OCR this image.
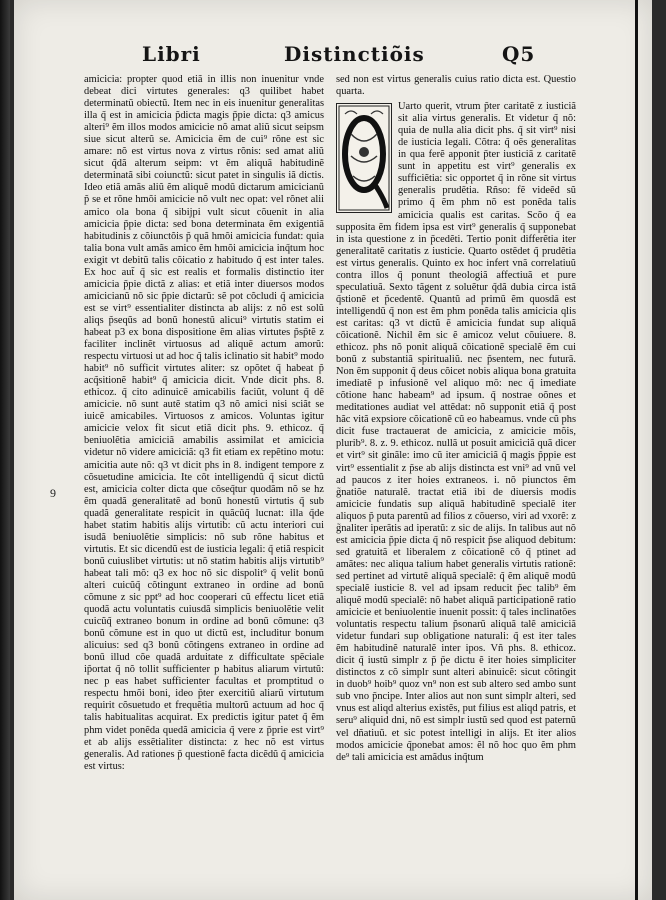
Libri	Distinctiõis	Q5
9

amicicia: propter quod etiã in illis non inuenitur vnde debeat dici virtutes generales: q3 quilibet habet determinatũ obiectũ. Item nec in eis inuenitur generalitas illa q̃ est in amicicia p̃dicta magis p̃pie dicta: q3 amicus alteri⁹ ẽm illos modos amicicie nõ amat aliũ sicut seipsm siue sicut alterũ se. Amicicia ẽm de cui⁹ rõne est sic amare: nõ est virtus nova z virtus rõnis: sed amat aliũ sicut q̃dã alterum seipm: vt ẽm aliquã habitudinẽ determinatã sibi coiunctũ: sicut patet in singulis iã dictis. Ideo etiã amãs aliũ ẽm aliquẽ modũ dictarum amicicianũ p̃ se et rõne hmõi amicicie nõ vult nec opat: vel rõnet alii amico ola bona q̃ sibijpi vult sicut cõuenit in alia amicicia p̃pie dicta: sed bona determinata ẽm exigentiã habitudinis z cõiunctõis p̃ quã hmõi amicicia fundat: quia talia bona vult amãs amico ẽm hmõi amicicia inq̃tum hoc exigit vt debitũ talis cõicatio z habitudo q̃ est inter tales. Ex hoc aut̃ q̃ sic est realis et formalis distinctio iter amicicia p̃pie dictã z alias: et etiã inter diuersos modos amicicianũ nõ sic p̃pie dictarũ: sẽ pot cõcludi q̃ amicicia est se virt⁹ essentialiter distincta ab alijs: z nõ est solũ aliqs p̃seqũs ad bonũ honestũ alicui⁹ virtutis statim ei habeat p3 ex bona dispositione ẽm alias virtutes p̃sp̃tẽ z faciliter inclinẽt virtuosus ad aliquẽ actum amorũ: respectu virtuosi ut ad hoc q̃ talis iclinatio sit habit⁹ modo habit⁹ nõ sufficit virtutes aliter: sz opõtet q̃ habeat p̃ acq̃sitionẽ habit⁹ q̃ amicicia dicit. Vnde dicit phs. 8. ethicoz. q̃ cito adinuicẽ amicabilis faciũt, volunt q̃ dẽ amicicie. nõ sunt autẽ statim q3 nõ amici nisi sciãt se iuicẽ amicabiles. Virtuosos z amicos. Voluntas igitur amicicie velox fit sicut etiã dicit phs. 9. ethicoz. q̃ beniuolẽtia amiciciã amabilis assimilat et amicicia videtur nõ videre amiciciã: q3 fit etiam ex repẽtino motu: amicitia aute nõ: q3 vt dicit phs in 8. indigent tempore z cõsuetudine amicicia. Ite cõt intelligendũ q̃ sicut dictũ est, amicicia colter dicta que cõseq̃tur quodãm nõ se hz ẽm quadã generalitatẽ ad bonũ honestũ virtutis q̃ sub quadã generalitate respicit in quãcũq̃ lucnat: illa q̃de habet statim habitis alijs virtutib̃: cũ actu interiori cui isudã beniuolẽtie simplicis: nõ sub rõne habitus et virtutis. Et sic dicendũ est de iusticia legali: q̃ etiã respicit bonũ cuiuslibet virtutis: ut nõ statim habitis alijs virtutib⁹ habeat tali mõ: q3 ex hoc nõ sic dispolit⁹ q̃ velit bonũ alteri cuicũq̃ cõtingunt extraneo in ordine ad bonũ cõmune z sic ppt⁹ ad hoc cooperari cũ effectu licet etiã quodã actu voluntatis cuiusdã simplicis beniuolẽtie velit cuicũq̃ extraneo bonum in ordine ad bonũ cõmune: q3 bonũ cõmune est in quo ut dictũ est, includitur bonum alicuius: sed q3 bonũ cõtingens extraneo in ordine ad bonũ illud cõe quadã arduitate z difficultate spẽciale ip̃ortat q̃ nõ tollit sufficienter p habitus aliarum virtutũ: nec p eas habet sufficienter facultas et promptitud o respectu hmõi boni, ideo p̃ter exercitiũ aliarũ virtutum requirit cõsuetudo et frequẽtia multorũ actuum ad hoc q̃ talis habitualitas acquirat. Ex predictis igitur patet q̃ ẽm phm videt ponẽda quedã amicicia q̃ vere z p̃prie est virt⁹ et ab alijs essẽtialiter distincta: z hec nõ est virtus generalis. Ad rationes p̃ questionẽ facta dicẽdũ q̃ amicicia est virtus:

sed non est virtus generalis cuius ratio dicta est. Questio quarta.

Uarto querit, vtrum p̃ter caritatẽ z iusticiã sit alia virtus generalis. Et videtur q̃ nõ: quia de nulla alia dicit phs. q̃ sit virt⁹ nisi de iusticia legali. Cõtra: q̃ oẽs generalitas in qua ferẽ apponit p̃ter iusticiã z caritatẽ sunt in appetitu est virt⁹ generalis ex sufficiẽtia: sic opportet q̃ in rõne sit virtus generalis prudẽtia. Rñso: fẽ videẽd sũ primo q̃ ẽm phm nõ est ponẽda talis amicicia qualis est caritas. Scõo q̃ ea supposita ẽm fidem ipsa est virt⁹ generalis q̃ supponebat in ista questione z in p̃cedẽti. Tertio ponit differẽtia iter generalitatẽ caritatis z iusticie. Quarto ostẽdet q̃ prudẽtia est virtus generalis. Quinto ex hoc infert vnã correlatiuũ contra illos q̃ ponunt theologiã affectiuã et pure speculatiuã. Sexto tãgent z soluẽtur q̃dã dubia circa istã q̃stionẽ et p̃cedentẽ. Quantũ ad primũ ẽm quosdã est intelligendũ q̃ non est ẽm phm ponẽda talis amicicia qlis est caritas: q3 vt dictũ ẽ amicicia fundat sup aliquã cõicationẽ. Nichil ẽm sic ẽ amicoz velut cõuiuere. 8. ethicoz. phs nõ ponit aliquã cõicationẽ specialẽ ẽm cui bonũ z substantiã spiritualiũ. nec p̃sentem, nec futurã. Non ẽm supponit q̃ deus cõicet nobis aliqua bona gratuita imediatẽ p infusionẽ vel aliquo mõ: nec q̃ imediate cõtione hanc habeam⁹ ad ipsum. q̃ nostrae oõnes et meditationes audiat vel attẽdat: nõ supponit etiã q̃ post hãc vitã expsiore cõicationẽ cũ eo habeamus. vnde cũ phs dicit fuse tractauerat de amicicia, z amicicie mõis, plurib⁹. 8. z. 9. ethicoz. nullã ut posuit amiciciã quã dicer et virt⁹ sit ginãle: imo cũ iter amiciciã q̃ magis p̃ppie est virt⁹ essentialit z p̃se ab alijs distincta est vni⁹ ad vnũ vel ad paucos z iter hoies extraneos. i. nõ piunctos ẽm g̃natiõe naturalẽ. tractat etiã ibi de diuersis modis amicicie fundatis sup aliquã habitudinẽ specialẽ iter aliquos p̃ puta parentũ ad filios z cõuerso, viri ad vxorẽ: z g̃naliter iperãtis ad iperatũ: z sic de alijs. In talibus aut nõ est amicicia p̃pie dicta q̃ nõ respicit p̃se aliquod debitum: sed gratuitã et liberalem z cõicationẽ cõ q̃ ptinet ad amãtes: nec aliqua talium habet generalis virtutis rationẽ: sed pertinet ad virtutẽ aliquã specialẽ: q̃ ẽm aliquẽ modũ specialẽ iusticie 8. vel ad ipsam reducit p̃ec talib⁹ ẽm aliquẽ modũ specialẽ: nõ habet aliquã participationẽ ratio amicicie et beniuolentie inuenit possit: q̃ tales inclinatões voluntatis respectu talium p̃sonarũ aliquã talẽ amiciciã videtur fundari sup obligatione naturali: q̃ est iter tales ẽm habitudinẽ naturalẽ inter ipos. Vñ phs. 8. ethicoz. dicit q̃ iustũ simplr z p̃ p̃e dictu ẽ iter hoies simpliciter distinctos z cõ simplr sunt alteri abinuicẽ: sicut cõtingit in duob⁹ hoib⁹ quoz vn⁹ non est sub altero sed ambo sunt sub vno p̃ncipe. Inter alios aut non sunt simplr alteri, sed vnus est aliqd alterius existẽs, put filius est aliqd patris, et seru⁹ aliquid dni, nõ est simplr iustũ sed quod est paternũ vel dñatiuũ. et sic potest intelligi in alijs. Et iter alios modos amicicie q̃ponebat amos: ẽl nõ hoc quo ẽm phm de⁹ tali amicicia est amãdus inq̃tum
